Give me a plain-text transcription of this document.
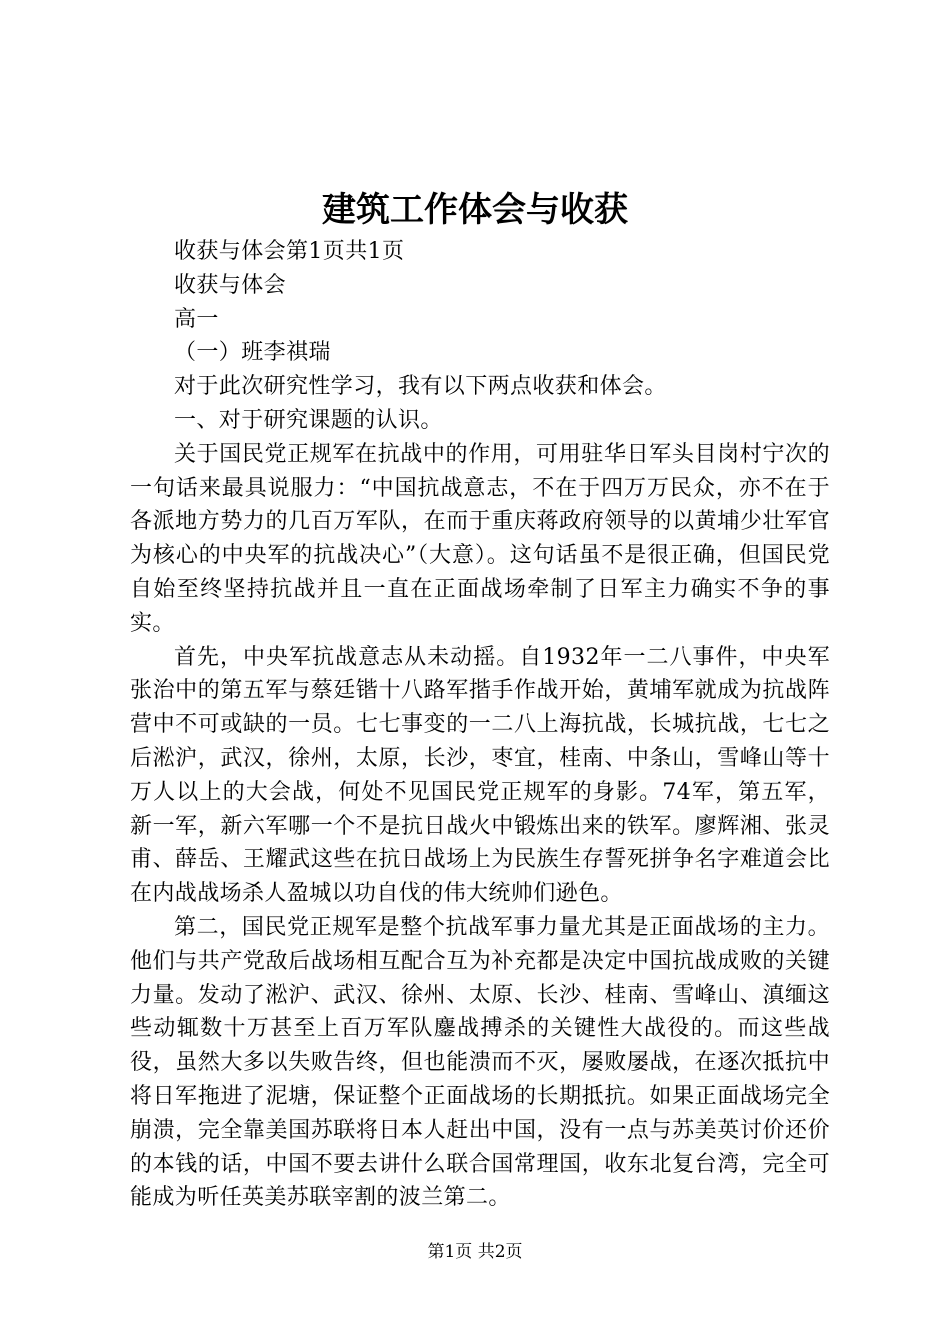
建筑工作体会与收获

收获与体会第1页共1页

收获与体会

高一

（一）班李祺瑞

对于此次研究性学习，我有以下两点收获和体会。

一、对于研究课题的认识。

关于国民党正规军在抗战中的作用，可用驻华日军头目岗村宁次的一句话来最具说服力：“中国抗战意志，不在于四万万民众，亦不在于各派地方势力的几百万军队，在而于重庆蒋政府领导的以黄埔少壮军官为核心的中央军的抗战决心”（大意）。这句话虽不是很正确，但国民党自始至终坚持抗战并且一直在正面战场牵制了日军主力确实不争的事实。

首先，中央军抗战意志从未动摇。自1932年一二八事件，中央军张治中的第五军与蔡廷锴十八路军揩手作战开始，黄埔军就成为抗战阵营中不可或缺的一员。七七事变的一二八上海抗战，长城抗战，七七之后淞沪，武汉，徐州，太原，长沙，枣宜，桂南、中条山，雪峰山等十万人以上的大会战，何处不见国民党正规军的身影。74军，第五军，新一军，新六军哪一个不是抗日战火中锻炼出来的铁军。廖辉湘、张灵甫、薛岳、王耀武这些在抗日战场上为民族生存誓死拼争名字难道会比在内战战场杀人盈城以功自伐的伟大统帅们逊色。

第二，国民党正规军是整个抗战军事力量尤其是正面战场的主力。他们与共产党敌后战场相互配合互为补充都是决定中国抗战成败的关键力量。发动了淞沪、武汉、徐州、太原、长沙、桂南、雪峰山、滇缅这些动辄数十万甚至上百万军队鏖战搏杀的关键性大战役的。而这些战役，虽然大多以失败告终，但也能溃而不灭，屡败屡战，在逐次抵抗中将日军拖进了泥塘，保证整个正面战场的长期抵抗。如果正面战场完全崩溃，完全靠美国苏联将日本人赶出中国，没有一点与苏美英讨价还价的本钱的话，中国不要去讲什么联合国常理国，收东北复台湾，完全可能成为听任英美苏联宰割的波兰第二。

第1页 共2页
